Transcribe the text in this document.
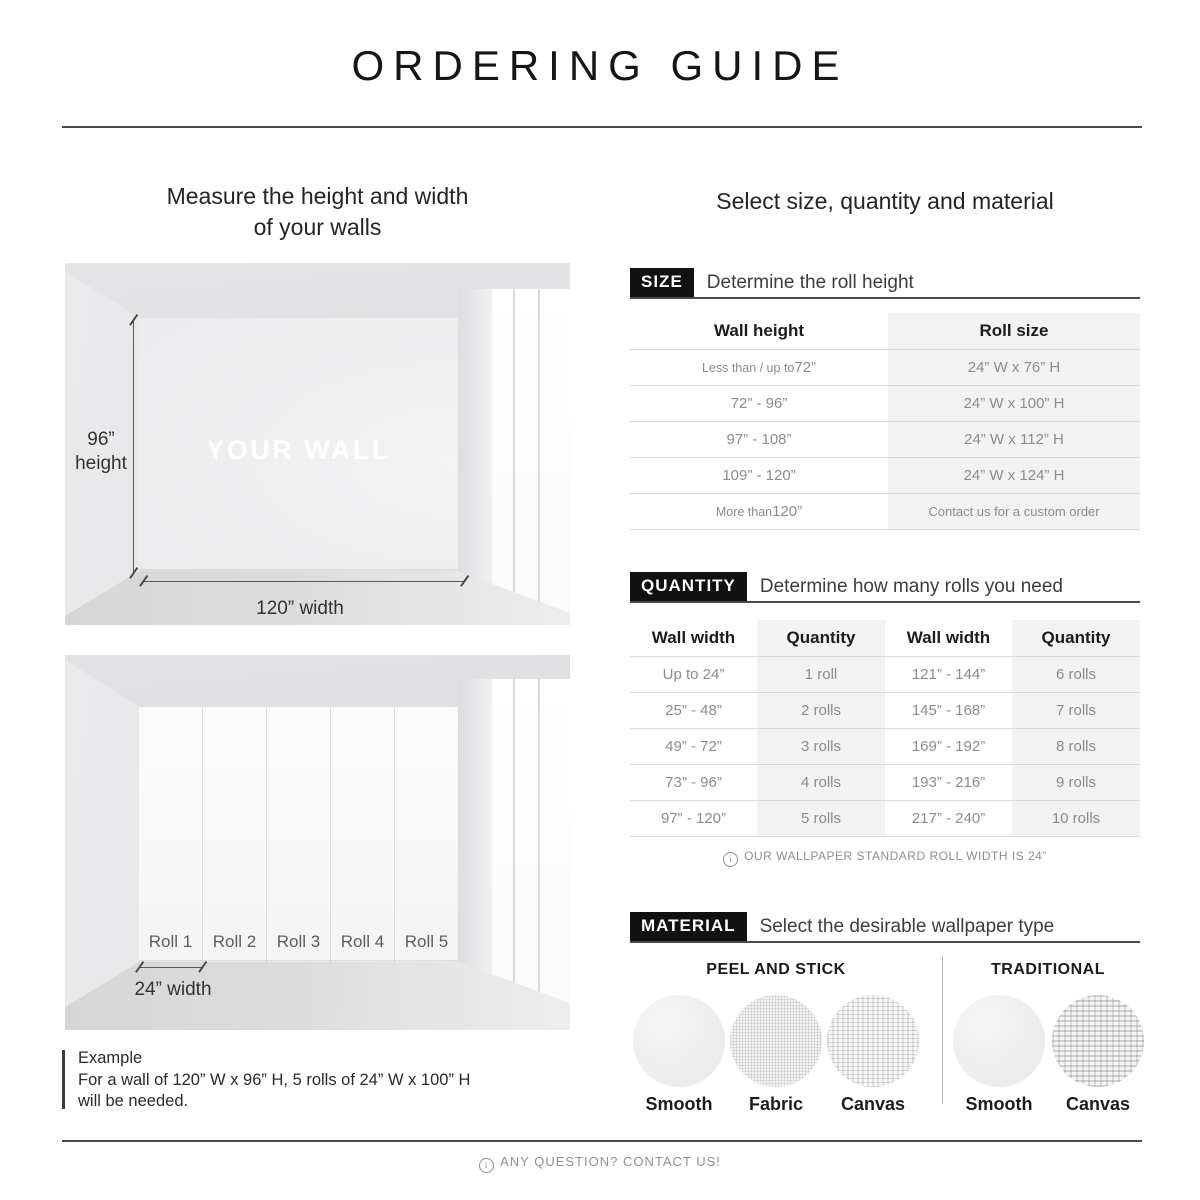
ORDERING GUIDE
Measure the height and width
of your walls
YOUR WALL
96”
height
120” width
Roll 1	Roll 2	Roll 3	Roll 4	Roll 5
24” width
Example
For a wall of 120” W x 96” H, 5 rolls of 24” W x 100” H
will be needed.
Select size, quantity and material
SIZE	Determine the roll height
Wall height	Roll size
Less than / up to 72”	24” W x 76” H
72” - 96”	24” W x 100” H
97” - 108”	24” W x 112” H
109” - 120”	24” W x 124” H
More than 120”	Contact us for a custom order
QUANTITY	Determine how many rolls you need
Wall width	Quantity	Wall width	Quantity
Up to 24”	1 roll	121” - 144”	6 rolls
25” - 48”	2 rolls	145” - 168”	7 rolls
49” - 72”	3 rolls	169” - 192”	8 rolls
73” - 96”	4 rolls	193” - 216”	9 rolls
97” - 120”	5 rolls	217” - 240”	10 rolls
i OUR WALLPAPER STANDARD ROLL WIDTH IS 24”
MATERIAL	Select the desirable wallpaper type
PEEL AND STICK	TRADITIONAL
Smooth	Fabric	Canvas	Smooth	Canvas
i ANY QUESTION? CONTACT US!
